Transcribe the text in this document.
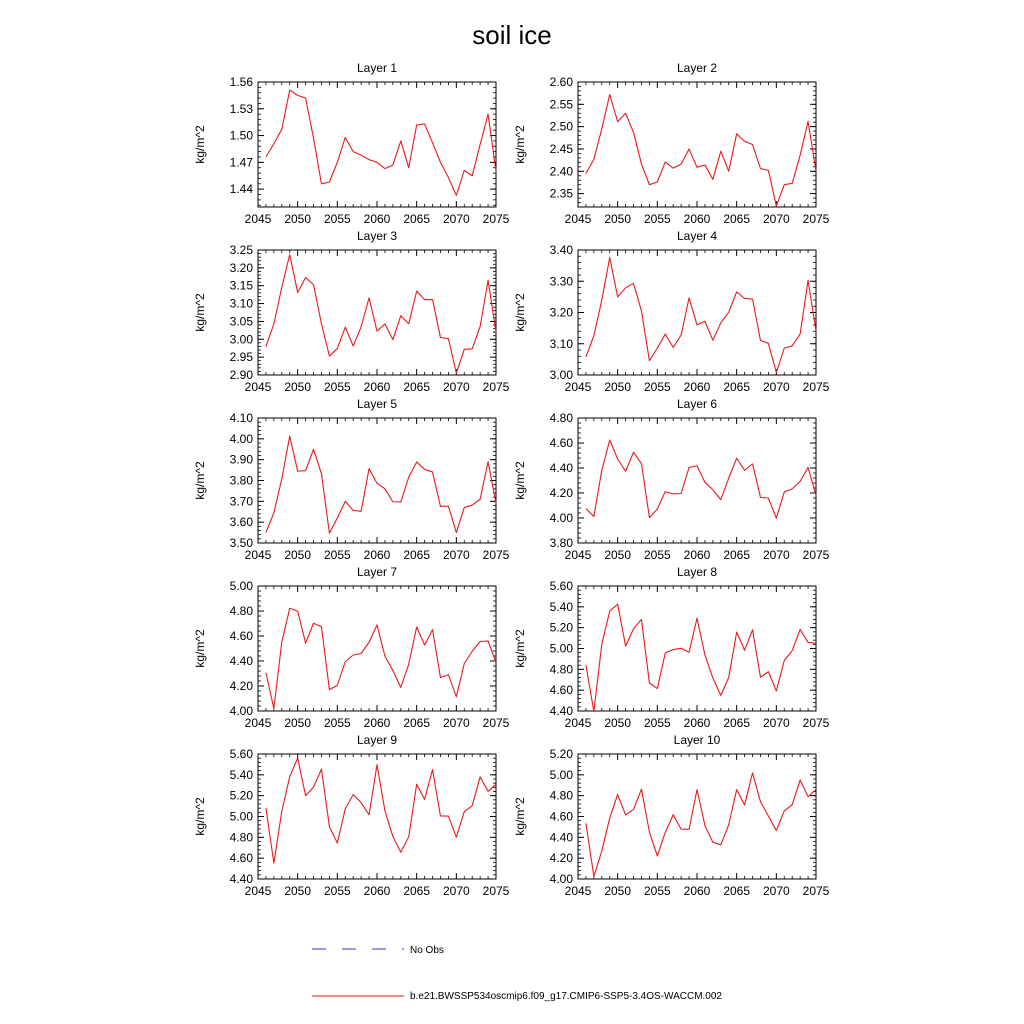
soil ice
Layer 1
kg/m^2
2045 2050 2055 2060 2065 2070 2075
1.44
1.47
1.50
1.53
1.56
Layer 2
kg/m^2
2045 2050 2055 2060 2065 2070 2075
2.35
2.40
2.45
2.50
2.55
2.60
Layer 3
kg/m^2
2045 2050 2055 2060 2065 2070 2075
2.90
2.95
3.00
3.05
3.10
3.15
3.20
3.25
Layer 4
kg/m^2
2045 2050 2055 2060 2065 2070 2075
3.00
3.10
3.20
3.30
3.40
Layer 5
kg/m^2
2045 2050 2055 2060 2065 2070 2075
3.50
3.60
3.70
3.80
3.90
4.00
4.10
Layer 6
kg/m^2
2045 2050 2055 2060 2065 2070 2075
3.80
4.00
4.20
4.40
4.60
4.80
Layer 7
kg/m^2
2045 2050 2055 2060 2065 2070 2075
4.00
4.20
4.40
4.60
4.80
5.00
Layer 8
kg/m^2
2045 2050 2055 2060 2065 2070 2075
4.40
4.60
4.80
5.00
5.20
5.40
5.60
Layer 9
kg/m^2
2045 2050 2055 2060 2065 2070 2075
4.40
4.60
4.80
5.00
5.20
5.40
5.60
Layer 10
kg/m^2
2045 2050 2055 2060 2065 2070 2075
4.00
4.20
4.40
4.60
4.80
5.00
5.20
No Obs
b.e21.BWSSP534oscmip6.f09_g17.CMIP6-SSP5-3.4OS-WACCM.002
